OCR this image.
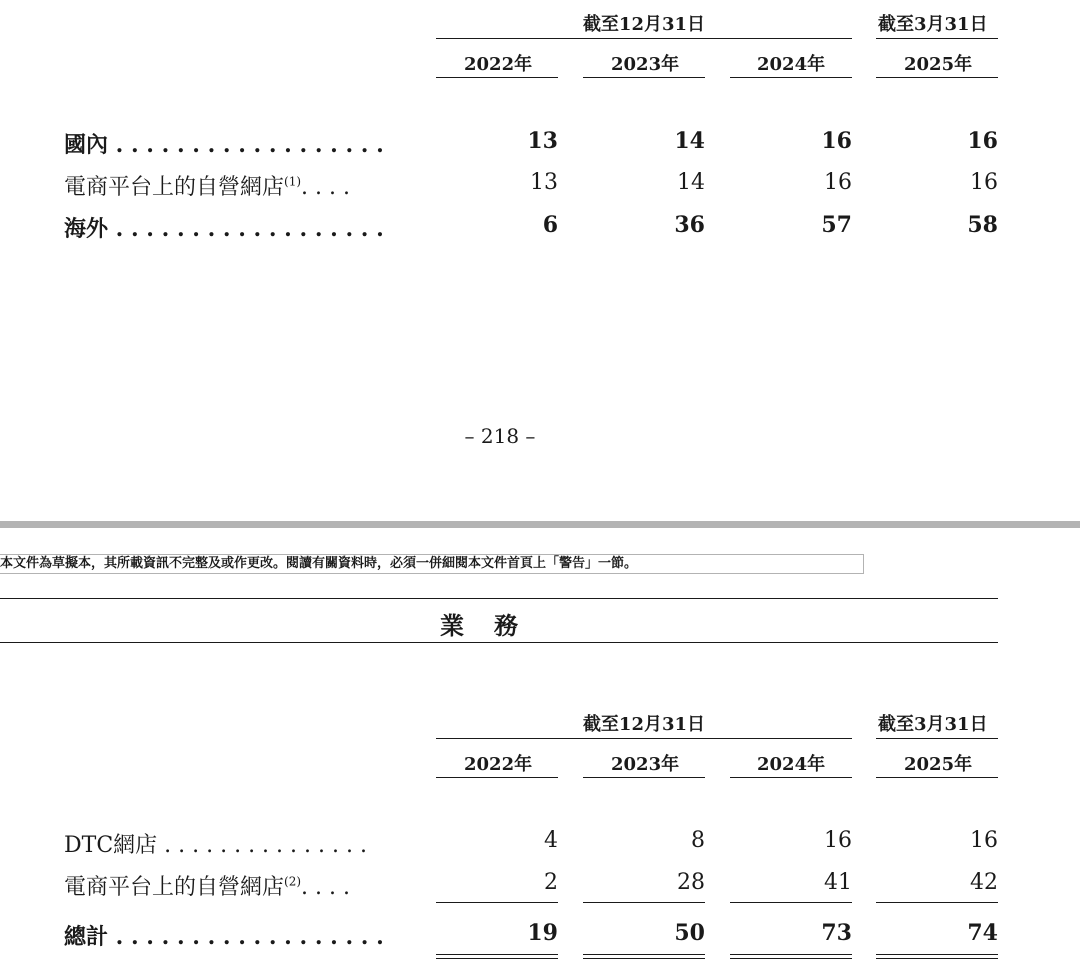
截至12月31日	截至3月31日
2022年	2023年	2024年	2025年
國內 . . . . . . . . . . . . . . . . . .	13	14	16	16
電商平台上的自營網店$^{(1)}$. . . .	13	14	16	16
海外 . . . . . . . . . . . . . . . . . .	6	36	57	58
– 218 –
本文件為草擬本，其所載資訊不完整及或作更改。閱讀有關資料時，必須一併細閱本文件首頁上「警告」一節。
業務
截至12月31日	截至3月31日
2022年	2023年	2024年	2025年
DTC網店 . . . . . . . . . . . . . . .	4	8	16	16
電商平台上的自營網店$^{(2)}$. . . .	2	28	41	42
總計 . . . . . . . . . . . . . . . . . .	19	50	73	74
